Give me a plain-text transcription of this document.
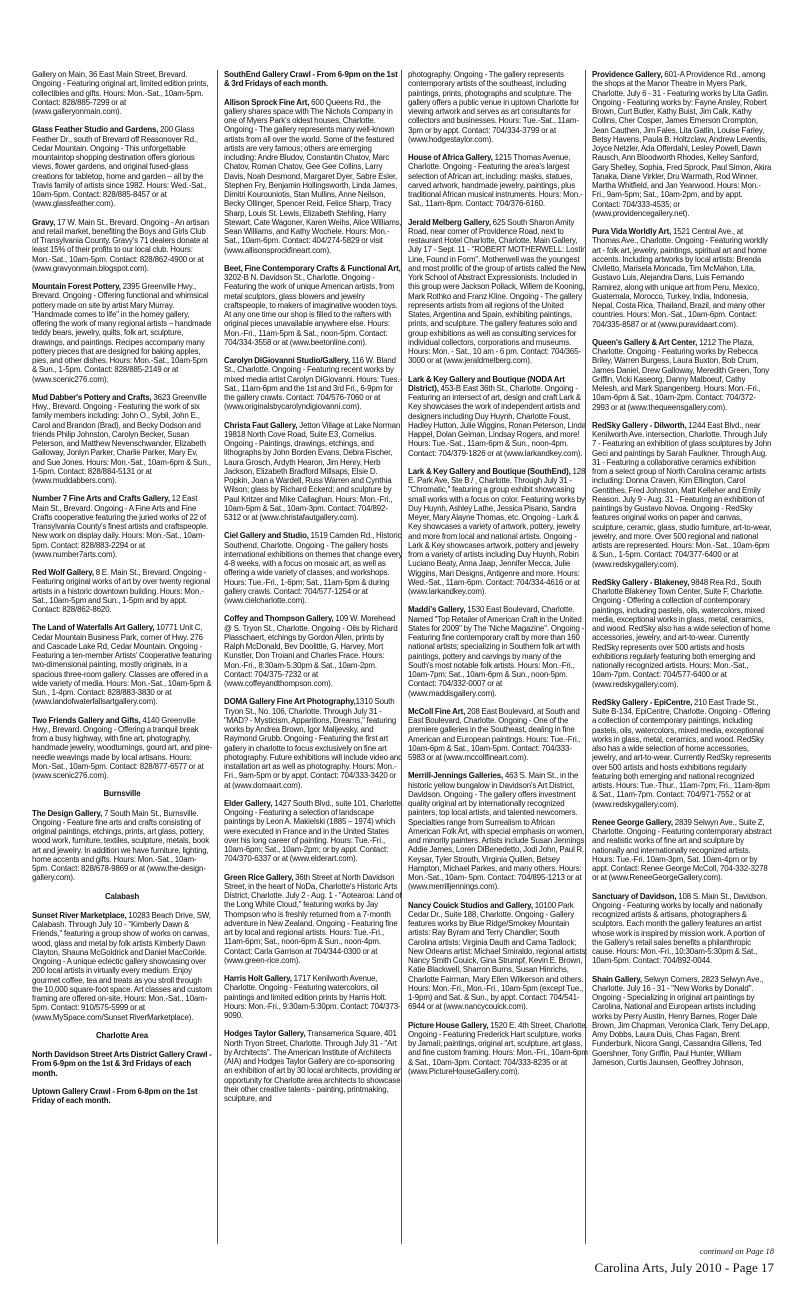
Gallery on Main, 36 East Main Street, Brevard. Ongoing - Featuring original art, limited edition prints, collectibles and gifts. Hours: Mon.-Sat., 10am-5pm. Contact: 828/885-7299 or at (www.galleryonmain.com).
Glass Feather Studio and Gardens, 200 Glass Feather Dr., south of Brevard off Reasonover Rd., Cedar Mountain. Ongoing - This unforgettable mountaintop shopping destination offers glorious views, flower gardens, and original fused-glass creations for tabletop, home and garden – all by the Travis family of artists since 1982. Hours: Wed.-Sat., 10am-5pm. Contact: 828/885-8457 or at (www.glassfeather.com).
Gravy, 17 W. Main St., Brevard. Ongoing - An artisan and retail market, benefiting the Boys and Girls Club of Transylvania County. Gravy's 71 dealers donate at least 15% of their profits to our local club. Hours: Mon.-Sat., 10am-5pm. Contact: 828/862-4900 or at (www.gravyonmain.blogspot.com).
Mountain Forest Pottery, 2395 Greenville Hwy., Brevard. Ongoing - Offering functional and whimsical pottery made on site by artist Mary Murray. "Handmade comes to life" in the homey gallery, offering the work of many regional artists – handmade teddy bears, jewelry, quilts, folk art, sculpture, drawings, and paintings. Recipes accompany many pottery pieces that are designed for baking apples, pies, and other dishes. Hours: Mon.-Sat., 10am-5pm & Sun., 1-5pm. Contact: 828/885-2149 or at (www.scenic276.com).
Mud Dabber's Pottery and Crafts, 3623 Greenville Hwy., Brevard. Ongoing - Featuring the work of six family members including: John O., Sybil, John E., Carol and Brandon (Brad), and Becky Dodson and friends Philip Johnston, Carolyn Becker, Susan Peterson, and Matthew Nevenschwander, Elizabeth Galloway, Jonlyn Parker, Charlie Parker, Mary Ev, and Sue Jones. Hours: Mon.-Sat., 10am-6pm & Sun., 1-5pm. Contact: 828/884-5131 or at (www.muddabbers.com).
Number 7 Fine Arts and Crafts Gallery, 12 East Main St., Brevard. Ongoing - A Fine Arts and Fine Crafts cooperative featuring the juried works of 22 of Transylvania County's finest artists and craftspeople. New work on display daily. Hours: Mon.-Sat., 10am-5pm. Contact: 828/883-2294 or at (www.number7arts.com).
Red Wolf Gallery, 8 E. Main St., Brevard. Ongoing - Featuring original works of art by over twenty regional artists in a historic downtown building. Hours: Mon.-Sat., 10am-5pm and Sun., 1-5pm and by appt. Contact: 828/862-8620.
The Land of Waterfalls Art Gallery, 10771 Unit C, Cedar Mountain Business Park, corner of Hwy. 276 and Cascade Lake Rd, Cedar Mountain. Ongoing - Featuring a ten-member Artists' Cooperative featuring two-dimensional painting, mostly originals, in a spacious three-room gallery. Classes are offered in a wide variety of media. Hours: Mon.-Sat., 10am-5pm & Sun., 1-4pm. Contact: 828/883-3830 or at (www.landofwaterfallsartgallery.com).
Two Friends Gallery and Gifts, 4140 Greenville Hwy., Brevard. Ongoing - Offering a tranquil break from a busy highway, with fine art, photography, handmade jewelry, woodturnings, gourd art, and pine-needle weavings made by local artisans. Hours: Mon.-Sat., 10am-5pm. Contact: 828/877-6577 or at (www.scenic276.com).
Burnsville
The Design Gallery, 7 South Main St., Burnsville. Ongoing - Feature fine arts and crafts consisting of original paintings, etchings, prints, art glass, pottery, wood work, furniture, textiles, sculpture, metals, book art and jewelry. In addition we have furniture, lighting, home accents and gifts. Hours: Mon.-Sat., 10am-5pm. Contact: 828/678-9869 or at (www.the-design-gallery.com).
Calabash
Sunset River Marketplace, 10283 Beach Drive, SW, Calabash. Through July 10 - "Kimberly Dawn & Friends," featuring a group show of works on canvas, wood, glass and metal by folk artists Kimberly Dawn Clayton, Shauna McGoldrick and Daniel MacCorkle. Ongoing - A unique eclectic gallery showcasing over 200 local artists in virtually every medium. Enjoy gourmet coffee, tea and treats as you stroll through the 10,000 square-foot space. Art classes and custom framing are offered on-site. Hours: Mon.-Sat., 10am-5pm. Contact: 910/575-5999 or at (www.MySpace.com/Sunset RiverMarketplace).
Charlotte Area
North Davidson Street Arts District Gallery Crawl - From 6-9pm on the 1st & 3rd Fridays of each month.
Uptown Gallery Crawl - From 6-8pm on the 1st Friday of each month.
SouthEnd Gallery Crawl - From 6-9pm on the 1st & 3rd Fridays of each month.
Allison Sprock Fine Art, 600 Queens Rd., the gallery shares space with The Nichols Company in one of Myers Park's oldest houses, Charlotte. Ongoing - The gallery represents many well-known artists from all over the world. Some of the featured artists are very famous; others are emerging including: Andre Bludov, Constantin Chatov, Marc Chatov, Roman Chatov, Gee Gee Collins, Larry Davis, Noah Desmond, Margaret Dyer, Sabre Esler, Stephen Fry, Benjamin Hollingsworth, Linda James, Dimitri Kourouniotis, Stan Mullins, Anne Neilson, Becky Ollinger, Spencer Reid, Felice Sharp, Tracy Sharp, Louis St. Lewis, Elizabeth Stehling, Harry Stewart, Cate Wagoner, Karen Weihs, Alice Williams, Sean Williams, and Kathy Wochele. Hours: Mon.-Sat., 10am-6pm. Contact: 404/274-5829 or visit (www.allisonsprockfineart.com).
Beet, Fine Contemporary Crafts & Functional Art, 3202-B N. Davidson St., Charlotte. Ongoing - Featuring the work of unique American artists, from metal sculptors, glass blowers and jewelry craftspeople, to makers of imaginative wooden toys. At any one time our shop is filled to the rafters with original pieces unavailable anywhere else. Hours: Mon.-Fri., 11am-5pm & Sat., noon-5pm. Contact: 704/334-3558 or at (www.beetonline.com).
Carolyn DiGiovanni Studio/Gallery, 116 W. Bland St., Charlotte. Ongoing - Featuring recent works by mixed media artist Carolyn DiGiovanni. Hours: Tues.-Sat., 11am-6pm and the 1st and 3rd Fri., 6-9pm for the gallery crawls. Contact: 704/576-7060 or at (www.originalsbycarolyndigiovanni.com).
Christa Faut Gallery, Jetton Village at Lake Norman, 19818 North Cove Road, Suite E3, Cornelius. Ongoing - Paintings, drawings, etchings, and lithographs by John Borden Evans, Debra Fischer, Laura Grosch, Ardyth Hearon, Jim Henry, Herb Jackson, Elizabeth Bradford Millsaps, Elsie D. Popkin, Joan a Wardell, Russ Warren and Cynthia Wilson; glass by Richard Eckerd; and sculpture by Paul Kritzer and Mike Callaghan. Hours: Mon.-Fri., 10am-5pm & Sat., 10am-3pm. Contact: 704/892-5312 or at (www.christafautgallery.com).
Ciel Gallery and Studio, 1519 Camden Rd., Historic Southend, Charlotte. Ongoing - The gallery hosts international exhibitions on themes that change every 4-8 weeks, with a focus on mosaic art, as well as offering a wide variety of classes, and workshops. Hours: Tue.-Fri., 1-6pm; Sat., 11am-5pm & during gallery crawls. Contact: 704/577-1254 or at (www.cielcharlotte.com).
Coffey and Thompson Gallery, 109 W. Morehead @ S. Tryon St., Charlotte. Ongoing - Oils by Richard Plasschaert, etchings by Gordon Allen, prints by Ralph McDonald, Bev Doolittle, G. Harvey, Mort Kunstler, Don Troiani and Charles Frace. Hours: Mon.-Fri., 8:30am-5:30pm & Sat., 10am-2pm. Contact: 704/375-7232 or at (www.coffeyandthompson.com).
DOMA Gallery Fine Art Photography,1310 South Tryon St., No. 106, Charlotte. Through July 31 - "MAD? - Mysticism, Apparitions, Dreams," featuring works by Andrea Brown, Igor Malijevsky, and Raymond Grubb. Ongoing - Featuring the first art gallery in charlotte to focus exclusively on fine art photography. Future exhibitions will include video and installation art as well as photography. Hours: Mon.-Fri., 9am-5pm or by appt. Contact: 704/333-3420 or at (www.domaart.com).
Elder Gallery, 1427 South Blvd., suite 101, Charlotte. Ongoing - Featuring a selection of landscape paintings by Leon A. Makielski (1885 – 1974) which were executed in France and in the United States over his long career of painting. Hours: Tue.-Fri., 10am-6pm; Sat., 10am-2pm; or by appt. Contact: 704/370-6337 or at (www.elderart.com).
Green Rice Gallery, 36th Street at North Davidson Street, in the heart of NoDa, Charlotte's Historic Arts District, Charlotte. July 2 - Aug. 1 - "Aotearoa: Land of the Long White Cloud," featuring works by Jay Thompson who is freshly returned from a 7-month adventure in New Zealand. Ongoing - Featuring fine art by local and regional artists. Hours: Tue.-Fri., 11am-6pm; Sat., noon-6pm & Sun., noon-4pm. Contact: Carla Garrison at 704/344-0300 or at (www.green-rice.com).
Harris Holt Gallery, 1717 Kenilworth Avenue, Charlotte. Ongoing - Featuring watercolors, oil paintings and limited edition prints by Harris Holt. Hours: Mon.-Fri., 9:30am-5:30pm. Contact: 704/373-9090.
Hodges Taylor Gallery, Transamerica Square, 401 North Tryon Street, Charlotte. Through July 31 - "Art by Architects". The American Institute of Architects (AIA) and Hodges Taylor Gallery are co-sponsoring an exhibition of art by 30 local architects, providing an opportunity for Charlotte area architects to showcase their other creative talents - painting, printmaking, sculpture, and
photography. Ongoing - The gallery represents contemporary artists of the southeast, including paintings, prints, photographs and sculpture. The gallery offers a public venue in uptown Charlotte for viewing artwork and serves as art consultants for collectors and businesses. Hours: Tue.-Sat., 11am-3pm or by appt. Contact: 704/334-3799 or at (www.hodgestaylor.com).
House of Africa Gallery, 1215 Thomas Avenue, Charlotte. Ongoing - Featuring the area's largest selection of African art, including: masks, statues, carved artwork, handmade jewelry, paintings, plus traditional African musical instruments. Hours: Mon.-Sat., 11am-8pm. Contact: 704/376-6160.
Jerald Melberg Gallery, 625 South Sharon Amity Road, near corner of Providence Road, next to restaurant Hotel Charlotte, Charlotte. Main Gallery, July 17 - Sept. 11 - "ROBERT MOTHERWELL: Lostin Line, Found in Form". Motherwell was the youngest and most prolific of the group of artists called the New York School of Abstract Expressionists. Included in this group were Jackson Pollack, Willem de Kooning, Mark Rothko and Franz Kline. Ongoing - The gallery represents artists from all regions of the United States, Argentina and Spain, exhibiting paintings, prints, and sculpture. The gallery features solo and group exhibitions as well as consulting services for individual collectors, corporations and museums. Hours: Mon. - Sat., 10 am - 6 pm. Contact: 704/365-3000 or at (www.jeraldmelberg.com).
Lark & Key Gallery and Boutique (NODA Art District), 453-B East 36th St., Charlotte. Ongoing - Featuring an intersect of art, design and craft Lark & Key showcases the work of independent artists and designers including Duy Huynh, Charlotte Foust, Hadley Hutton, Julie Wiggins, Ronan Peterson, Linda Happel, Dolan Geiman, Lindsay Rogers, and more! Hours: Tue.-Sat., 11am-6pm & Sun., noon-4pm. Contact: 704/379-1826 or at (www.larkandkey.com).
Lark & Key Gallery and Boutique (SouthEnd), 128 E. Park Ave, Ste B / , Charlotte. Through July 31 - "Chromatic," featuring a group exhibit showcasing small works with a focus on color. Featuring works by Duy Huynh, Ashley Lathe, Jessica Pisano, Sandra Meyer, Mary Alayne Thomas, etc. Ongoing - Lark & Key showcases a variety of artwork, pottery, jewelry and more from local and national artists. Ongoing - Lark & Key showcases artwork, pottery and jewelry from a variety of artists including Duy Huynh, Robin Luciano Beaty, Anna Jaap, Jennifer Mecca, Julie Wiggins, Mari Designs, Antigenre and more. Hours: Wed.-Sat., 11am-6pm. Contact: 704/334-4616 or at (www.larkandkey.com).
Maddi's Gallery, 1530 East Boulevard, Charlotte. Named "Top Retailer of American Craft in the United States for 2009" by The 'Niche Magazine". Ongoing - Featuring fine contemporary craft by more than 160 national artists; specializing in Southern folk art with paintings, pottery and carvings by many of the South's most notable folk artists. Hours: Mon.-Fri., 10am-7pm; Sat., 10am-6pm & Sun., noon-5pm. Contact: 704/332-0007 or at (www.maddisgallery.com).
McColl Fine Art, 208 East Boulevard, at South and East Boulevard, Charlotte. Ongoing - One of the premiere galleries in the Southeast, dealing in fine American and European paintings. Hours: Tue.-Fri., 10am-6pm & Sat., 10am-5pm. Contact: 704/333-5983 or at (www.mccollfineart.com).
Merrill-Jennings Galleries, 463 S. Main St., in the historic yellow bungalow in Davidson's Art District, Davidson. Ongoing - The gallery offers investment quality original art by internationally recognized painters, top local artists, and talented newcomers. Specialties range from Surrealism to African American Folk Art, with special emphasis on women, and minority painters. Artists include Susan Jennings, Addie James, Loren DiBenedetto, Jodi John, Paul R. Keysar, Tyler Strouth, Virginia Quillen, Betsey Hampton, Michael Parkes, and many others. Hours: Mon.-Sat., 10am- 5pm. Contact: 704/895-1213 or at (www.merrilljennings.com).
Nancy Couick Studios and Gallery, 10100 Park Cedar Dr., Suite 188, Charlotte. Ongoing - Gallery features works by Blue Ridge/Smokey Mountain artists: Ray Byram and Terry Chandler; South Carolina artists: Virginia Dauth and Cama Tadlock; New Orleans artist: Michael Smiraldo, regional artists: Nancy Smith Couick, Gina Strumpf, Kevin E. Brown, Katie Blackwell, Sharron Burns, Susan Hinrichs, Charlotte Fairman, Mary Ellen Wilkerson and others. Hours: Mon.-Fri., Mon.-Fri., 10am-5pm (except Tue., 1-9pm) and Sat. & Sun., by appt. Contact: 704/541-6944 or at (www.nancycouick.com).
Picture House Gallery, 1520 E. 4th Street, Charlotte. Ongoing - Featuring Frederick Hart sculpture, works by Jamali; paintings, original art, sculpture, art glass, and fine custom framing. Hours: Mon.-Fri., 10am-6pm & Sat., 10am-3pm. Contact: 704/333-8235 or at (www.PictureHouseGallery.com).
Providence Gallery, 601-A Providence Rd., among the shops at the Manor Theatre in Myers Park, Charlotte. July 6 - 31 - Featuring works by Lita Gatlin. Ongoing - Featuring works by: Fayne Ansley, Robert Brown, Curt Butler, Kathy Buist, Jim Calk, Kathy Collins, Cher Cosper, James Emerson Crompton, Jean Cauthen, Jim Fales, Lita Gatlin, Louise Farley, Betsy Havens, Paula B. Holtzclaw, Andrew Leventis, Joyce Netzler, Ada Offerdahl, Lesley Powell, Dawn Rausch, Ann Bloodworth Rhodes, Kelley Sanford, Gary Shelley, Sophia, Fred Sprock, Paul Simon, Akira Tanaka, Diane Virkler, Dru Warmath, Rod Winner, Martha Whitfield, and Jan Yearwood. Hours: Mon.-Fri., 9am-5pm; Sat., 10am-2pm, and by appt. Contact: 704/333-4535; or (www.providencegallery.net).
Pura Vida Worldly Art, 1521 Central Ave., at Thomas Ave., Charlotte. Ongoing - Featuring worldly art - folk art, jewelry, paintings, spiritual art and home accents. Including artworks by local artists: Brenda Civiletto, Marisela Moncada, Tim McMahon, Lita, Gustavo Luis, Alejandra Dans, Luis Fernando Ramirez, along with unique art from Peru, Mexico, Guatemala, Morocco, Turkey, India, Indonesia, Nepal, Costa Rica, Thailand, Brazil, and many other countries. Hours: Mon.-Sat., 10am-6pm. Contact: 704/335-8587 or at (www.puravidaart.com).
Queen's Gallery & Art Center, 1212 The Plaza, Charlotte. Ongoing - Featuring works by Rebecca Briley, Warren Burgess, Laura Buxton, Bob Crum, James Daniel, Drew Galloway, Meredith Green, Tony Griffin, Vicki Kaseorg, Danny Malboeuf, Cathy Melesh, and Mark Spangenberg. Hours: Mon.-Fri., 10am-6pm & Sat., 10am-2pm. Contact: 704/372-2993 or at (www.thequeensgallery.com).
RedSky Gallery - Dilworth, 1244 East Blvd., near Kenilworth Ave. intersection, Charlotte. Through July 7 - Featuring an exhibition of glass sculptures by John Geci and paintings by Sarah Faulkner. Through Aug. 31 - Featuring a collaborative ceramics exhibition from a select group of North Carolina ceramic artists including: Donna Craven, Kim Ellington, Carol Gentithes, Fred Johnston, Matt Kelleher and Emily Reason. July 9 - Aug. 31 - Featuring an exhibition of paintings by Gustavo Novoa. Ongoing - RedSky features original works on paper and canvas, sculpture, ceramic, glass, studio furniture, art-to-wear, jewelry, and more. Over 500 regional and national artists are represented. Hours: Mon.-Sat., 10am-6pm & Sun., 1-5pm. Contact: 704/377-6400 or at (www.redskygallery.com).
RedSky Gallery - Blakeney, 9848 Rea Rd., South Charlotte Blakeney Town Center, Suite F, Charlotte. Ongoing - Offering a collection of contemporary paintings, including pastels, oils, watercolors, mixed media, exceptional works in glass, metal, ceramics, and wood. RedSky also has a wide selection of home accessories, jewelry, and art-to-wear. Currently RedSky represents over 500 artists and hosts exhibitions regularly featuring both emerging and nationally recognized artists. Hours: Mon.-Sat., 10am-7pm. Contact: 704/577-6400 or at (www.redskygallery.com).
RedSky Gallery - EpiCentre, 210 East Trade St., Suite B-134, EpiCentre, Charlotte. Ongoing - Offering a collection of contemporary paintings, including pastels, oils, watercolors, mixed media, exceptional works in glass, metal, ceramics, and wood. RedSky also has a wide selection of home accessories, jewelry, and art-to-wear. Currently RedSky represents over 500 artists and hosts exhibitions regularly featuring both emerging and national recognized artists. Hours: Tue.-Thur., 11am-7pm; Fri., 11am-8pm & Sat., 11am-7pm. Contact: 704/971-7552 or at (www.redskygallery.com).
Renee George Gallery, 2839 Selwyn Ave., Suite Z, Charlotte. Ongoing - Featuring contemporary abstract and realistic works of fine art and sculpture by nationally and internationally recognized artists. Hours: Tue.-Fri. 10am-3pm, Sat. 10am-4pm or by appt. Contact: Renee George McColl, 704-332-3278 or at (www.ReneeGeorgeGallery.com).
Sanctuary of Davidson, 108 S. Main St., Davidson. Ongoing - Featuring works by locally and nationally recognized artists & artisans, photographers & sculptors. Each month the gallery features an artist whose work is inspired by mission work. A portion of the Gallery's retail sales benefits a philanthropic cause. Hours: Mon.-Fri., 10:30am-5:30pm & Sat., 10am-5pm. Contact: 704/892-0044.
Shain Gallery, Selwyn Corners, 2823 Selwyn Ave., Charlotte. July 16 - 31 - "New Works by Donald". Ongoing - Specializing in original art paintings by Carolina, National and European artists including works by Perry Austin, Henry Barnes, Roger Dale Brown, Jim Chapman, Veronica Clark, Terry DeLapp, Amy Dobbs, Laura Duis, Chas Fagan, Brent Funderburk, Nicora Gangi, Cassandra Gillens, Ted Goershner, Tony Griffin, Paul Hunter, William Jameson, Curtis Jaunsen, Geoffrey Johnson,
continued on Page 18
Carolina Arts, July 2010 - Page 17
